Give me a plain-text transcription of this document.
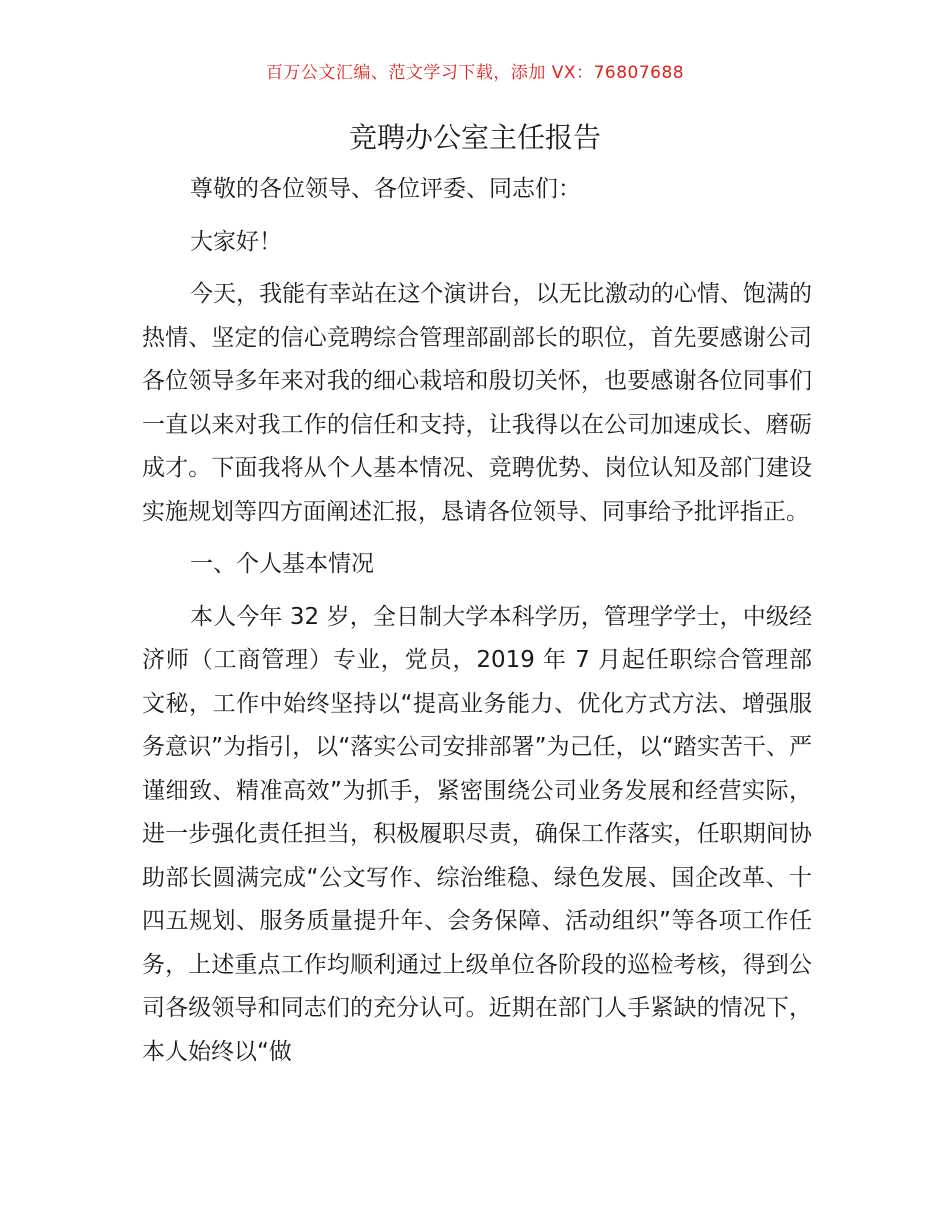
百万公文汇编、范文学习下载，添加 VX：76807688
竞聘办公室主任报告

尊敬的各位领导、各位评委、同志们：

大家好！

今天，我能有幸站在这个演讲台，以无比激动的心情、饱满的热情、坚定的信心竞聘综合管理部副部长的职位，首先要感谢公司各位领导多年来对我的细心栽培和殷切关怀，也要感谢各位同事们一直以来对我工作的信任和支持，让我得以在公司加速成长、磨砺成才。下面我将从个人基本情况、竞聘优势、岗位认知及部门建设实施规划等四方面阐述汇报，恳请各位领导、同事给予批评指正。

一、个人基本情况

本人今年 32 岁，全日制大学本科学历，管理学学士，中级经济师（工商管理）专业，党员，2019 年 7 月起任职综合管理部文秘，工作中始终坚持以“提高业务能力、优化方式方法、增强服务意识”为指引，以“落实公司安排部署”为己任，以“踏实苦干、严谨细致、精准高效”为抓手，紧密围绕公司业务发展和经营实际，进一步强化责任担当，积极履职尽责，确保工作落实，任职期间协助部长圆满完成“公文写作、综治维稳、绿色发展、国企改革、十四五规划、服务质量提升年、会务保障、活动组织”等各项工作任务，上述重点工作均顺利通过上级单位各阶段的巡检考核，得到公司各级领导和同志们的充分认可。近期在部门人手紧缺的情况下，本人始终以“做
